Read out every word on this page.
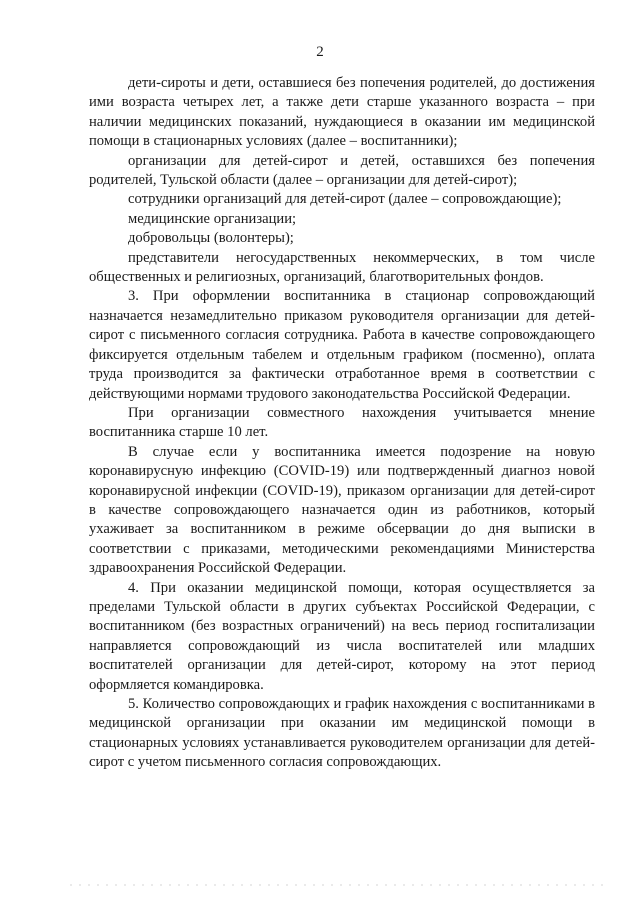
2

дети-сироты и дети, оставшиеся без попечения родителей, до достижения ими возраста четырех лет, а также дети старше указанного возраста – при наличии медицинских показаний, нуждающиеся в оказании им медицинской помощи в стационарных условиях (далее – воспитанники);

организации для детей-сирот и детей, оставшихся без попечения родителей, Тульской области (далее – организации для детей-сирот);

сотрудники организаций для детей-сирот (далее – сопровождающие);

медицинские организации;

добровольцы (волонтеры);

представители негосударственных некоммерческих, в том числе общественных и религиозных, организаций, благотворительных фондов.

3. При оформлении воспитанника в стационар сопровождающий назначается незамедлительно приказом руководителя организации для детей-сирот с письменного согласия сотрудника. Работа в качестве сопровождающего фиксируется отдельным табелем и отдельным графиком (посменно), оплата труда производится за фактически отработанное время в соответствии с действующими нормами трудового законодательства Российской Федерации.

При организации совместного нахождения учитывается мнение воспитанника старше 10 лет.

В случае если у воспитанника имеется подозрение на новую коронавирусную инфекцию (COVID-19) или подтвержденный диагноз новой коронавирусной инфекции (COVID-19), приказом организации для детей-сирот в качестве сопровождающего назначается один из работников, который ухаживает за воспитанником в режиме обсервации до дня выписки в соответствии с приказами, методическими рекомендациями Министерства здравоохранения Российской Федерации.

4. При оказании медицинской помощи, которая осуществляется за пределами Тульской области в других субъектах Российской Федерации, с воспитанником (без возрастных ограничений) на весь период госпитализации направляется сопровождающий из числа воспитателей или младших воспитателей организации для детей-сирот, которому на этот период оформляется командировка.

5. Количество сопровождающих и график нахождения с воспитанниками в медицинской организации при оказании им медицинской помощи в стационарных условиях устанавливается руководителем организации для детей-сирот с учетом письменного согласия сопровождающих.
